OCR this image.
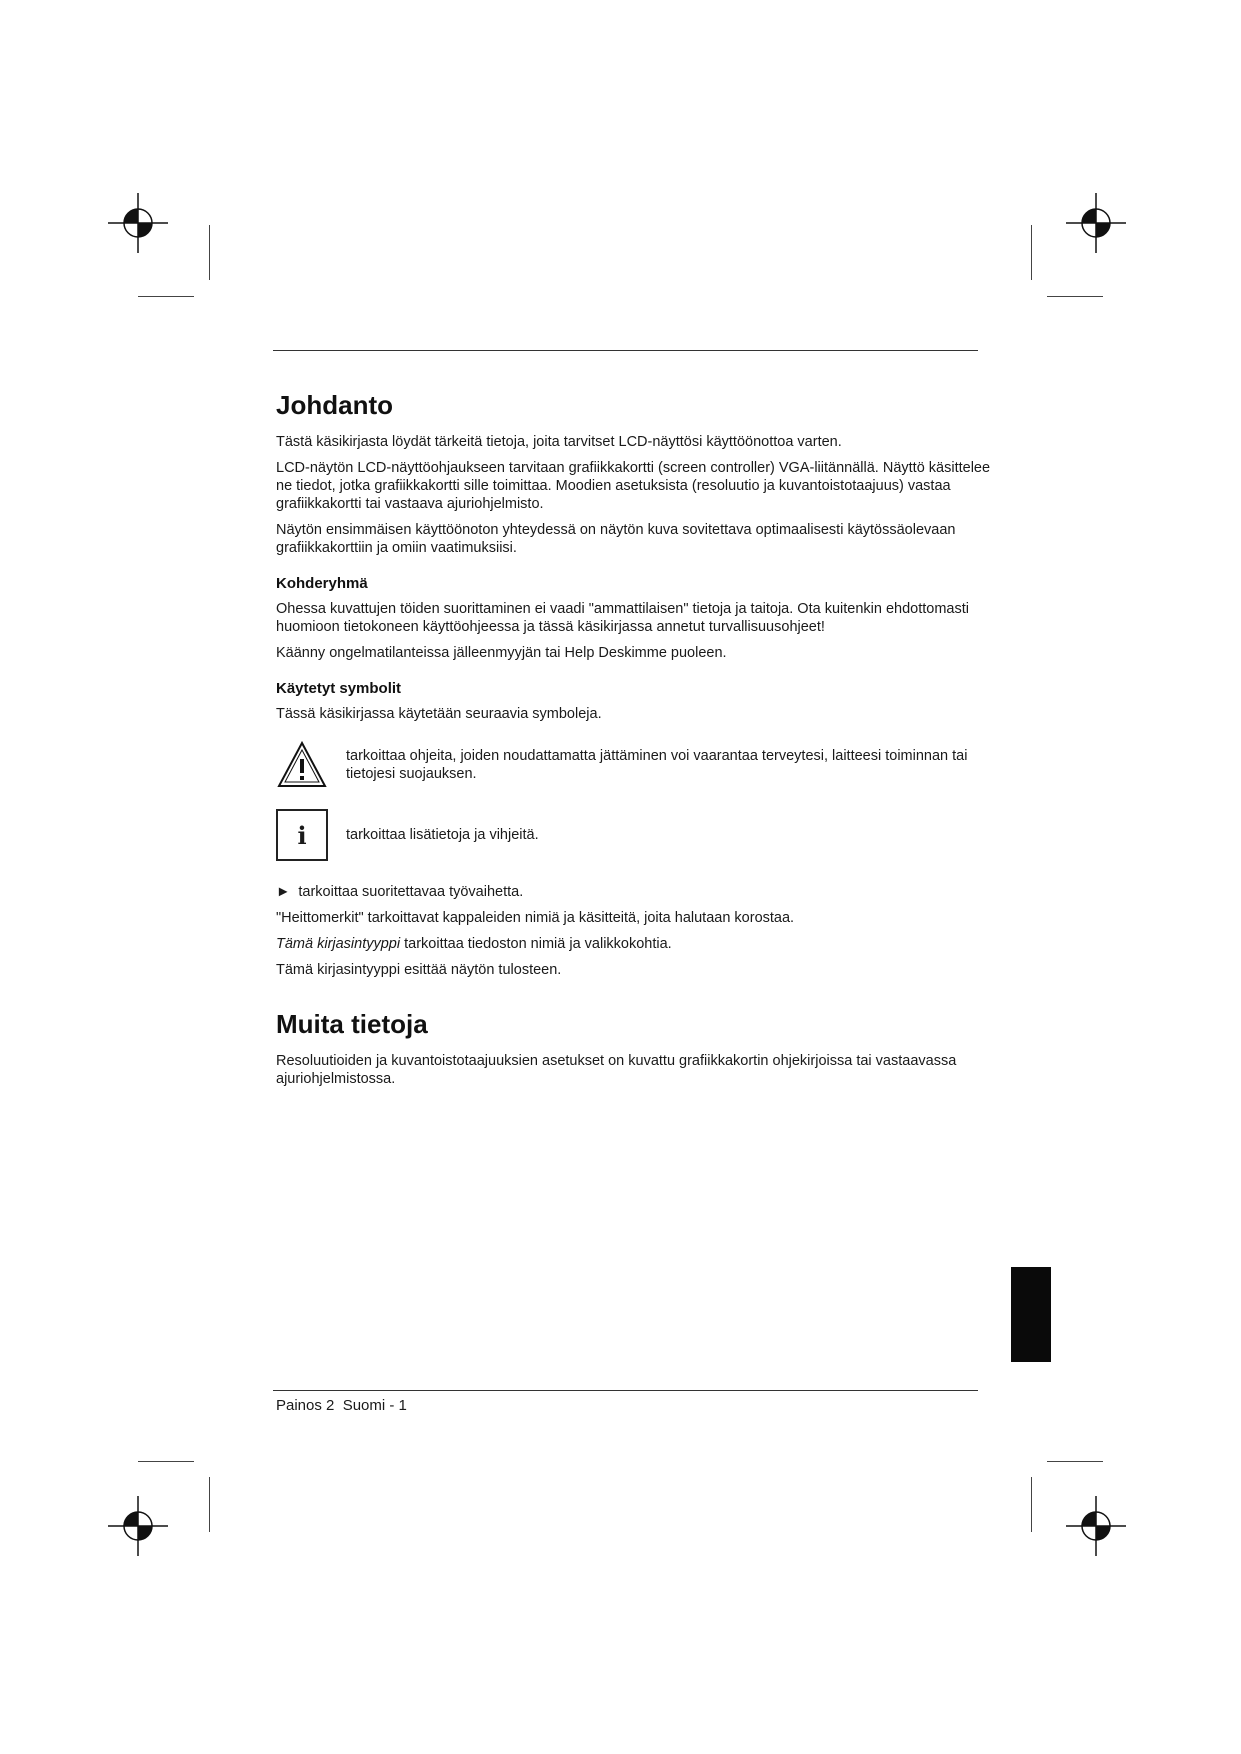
Johdanto

Tästä käsikirjasta löydät tärkeitä tietoja, joita tarvitset LCD-näyttösi käyttöönottoa varten.

LCD-näytön LCD-näyttöohjaukseen tarvitaan grafiikkakortti (screen controller) VGA-liitännällä. Näyttö käsittelee ne tiedot, jotka grafiikkakortti sille toimittaa. Moodien asetuksista (resoluutio ja kuvantoistotaajuus) vastaa grafiikkakortti tai vastaava ajuriohjelmisto.

Näytön ensimmäisen käyttöönoton yhteydessä on näytön kuva sovitettava optimaalisesti käytössäolevaan grafiikkakorttiin ja omiin vaatimuksiisi.

Kohderyhmä

Ohessa kuvattujen töiden suorittaminen ei vaadi "ammattilaisen" tietoja ja taitoja. Ota kuitenkin ehdottomasti huomioon tietokoneen käyttöohjeessa ja tässä käsikirjassa annetut turvallisuusohjeet!

Käänny ongelmatilanteissa jälleenmyyjän tai Help Deskimme puoleen.

Käytetyt symbolit

Tässä käsikirjassa käytetään seuraavia symboleja.

tarkoittaa ohjeita, joiden noudattamatta jättäminen voi vaarantaa terveytesi, laitteesi toiminnan tai tietojesi suojauksen.
i	tarkoittaa lisätietoja ja vihjeitä.

► tarkoittaa suoritettavaa työvaihetta.

"Heittomerkit" tarkoittavat kappaleiden nimiä ja käsitteitä, joita halutaan korostaa.

Tämä kirjasintyyppi tarkoittaa tiedoston nimiä ja valikkokohtia.

Tämä kirjasintyyppi esittää näytön tulosteen.

Muita tietoja

Resoluutioiden ja kuvantoistotaajuuksien asetukset on kuvattu grafiikkakortin ohjekirjoissa tai vastaavassa ajuriohjelmistossa.

Painos 2  Suomi - 1
